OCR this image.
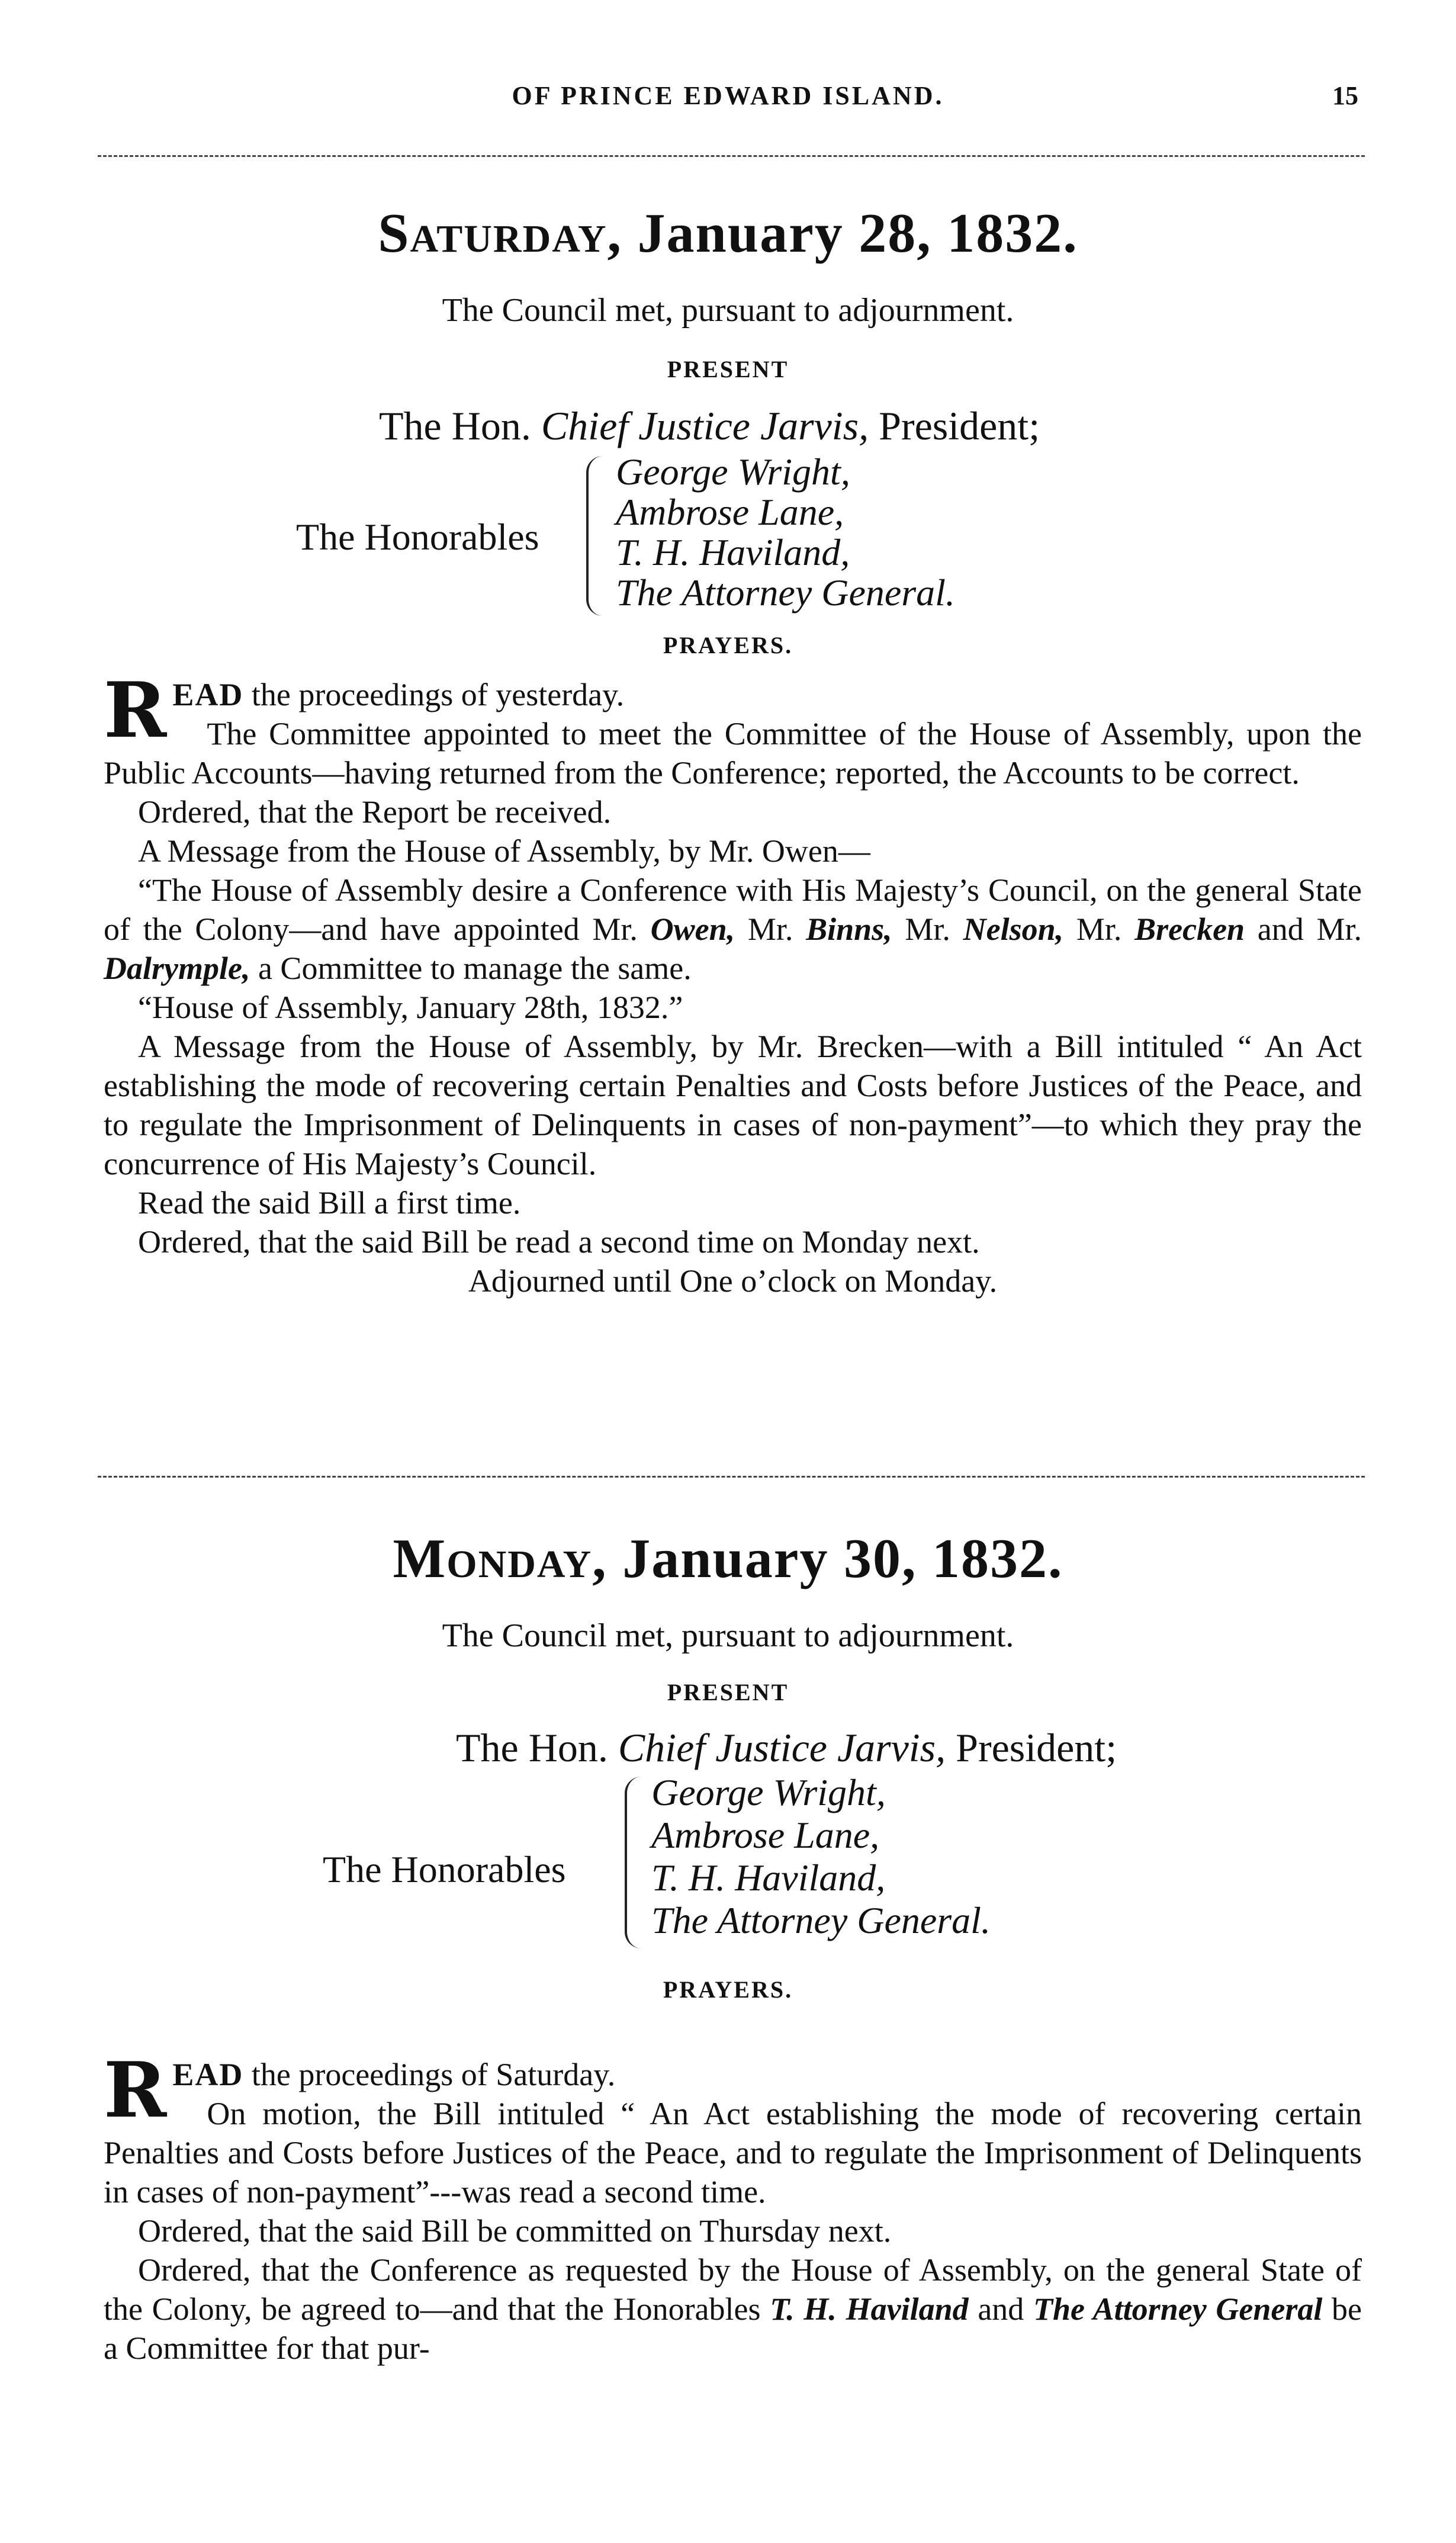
OF PRINCE EDWARD ISLAND.	15
Saturday, January 28, 1832.
The Council met, pursuant to adjournment.
PRESENT
The Hon. Chief Justice Jarvis, President;
The Honorables
George Wright,
Ambrose Lane,
T. H. Haviland,
The Attorney General.
PRAYERS.

READ the proceedings of yesterday.

The Committee appointed to meet the Committee of the House of Assembly, upon the Public Accounts—having returned from the Conference; reported, the Accounts to be correct.

Ordered, that the Report be received.

A Message from the House of Assembly, by Mr. Owen—

“The House of Assembly desire a Conference with His Majesty’s Council, on the general State of the Colony—and have appointed Mr. Owen, Mr. Binns, Mr. Nelson, Mr. Brecken and Mr. Dalrymple, a Committee to manage the same.

“House of Assembly, January 28th, 1832.”

A Message from the House of Assembly, by Mr. Brecken—with a Bill intituled “ An Act establishing the mode of recovering certain Penalties and Costs before Justices of the Peace, and to regulate the Imprisonment of Delinquents in cases of non-payment”—to which they pray the concurrence of His Majesty’s Council.

Read the said Bill a first time.

Ordered, that the said Bill be read a second time on Monday next.

Adjourned until One o’clock on Monday.

Monday, January 30, 1832.
The Council met, pursuant to adjournment.
PRESENT
The Hon. Chief Justice Jarvis, President;
The Honorables
George Wright,
Ambrose Lane,
T. H. Haviland,
The Attorney General.
PRAYERS.

READ the proceedings of Saturday.

On motion, the Bill intituled “ An Act establishing the mode of recovering certain Penalties and Costs before Justices of the Peace, and to regulate the Imprisonment of Delinquents in cases of non-payment”---was read a second time.

Ordered, that the said Bill be committed on Thursday next.

Ordered, that the Conference as requested by the House of Assembly, on the general State of the Colony, be agreed to—and that the Honorables T. H. Haviland and The Attorney General be a Committee for that pur-
